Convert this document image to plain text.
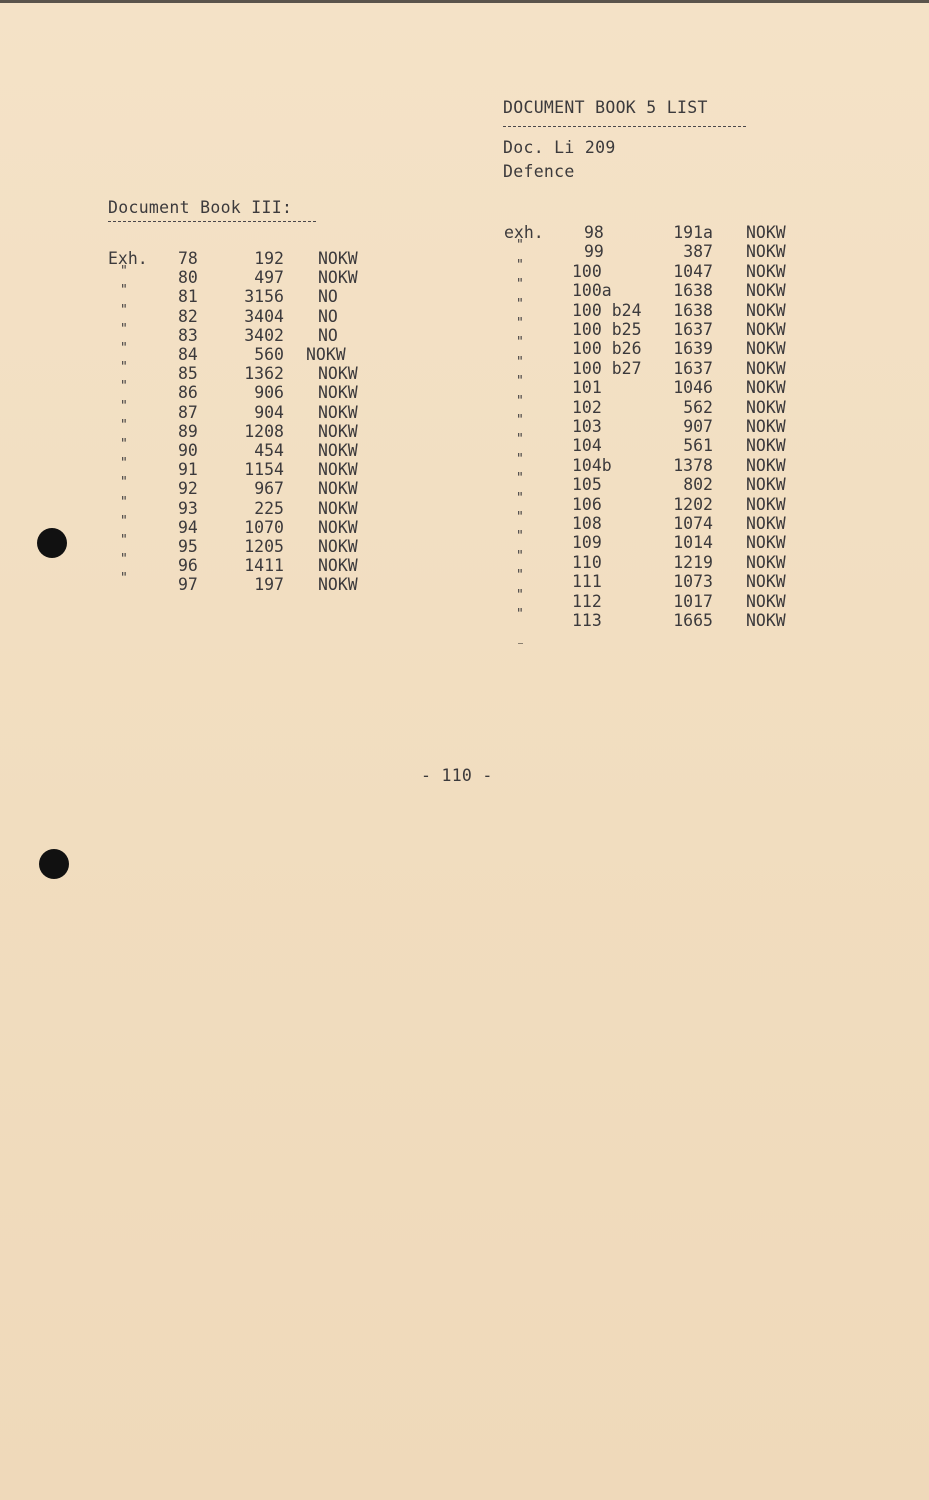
DOCUMENT BOOK 5 LIST
Doc. Li 209
Defence
Document Book III:
Exh. 78	192 NOKW
"	80	497 NOKW
"	81	3156 NO
"	82	3404 NO
"	83	3402 NO
"	84	560 NOKW
"	85	1362 NOKW
"	86	906 NOKW
"	87	904 NOKW
"	89	1208 NOKW
"	90	454 NOKW
"	91	1154 NOKW
"	92	967 NOKW
"	93	225 NOKW
"	94	1070 NOKW
"	95	1205 NOKW
"	96	1411 NOKW
"	97	197 NOKW
exh. 98	191a NOKW
"	99	387 NOKW
"	100	1047 NOKW
"	100a	1638 NOKW
"	100 b24	1638 NOKW
"	100 b25	1637 NOKW
"	100 b26	1639 NOKW
"	100 b27	1637 NOKW
"	101	1046 NOKW
"	102	562 NOKW
"	103	907 NOKW
"	104	561 NOKW
"	104b	1378 NOKW
"	105	802 NOKW
"	106	1202 NOKW
"	108	1074 NOKW
"	109	1014 NOKW
"	110	1219 NOKW
"	111	1073 NOKW
"	112	1017 NOKW
"	113	1665 NOKW
- 110 -
